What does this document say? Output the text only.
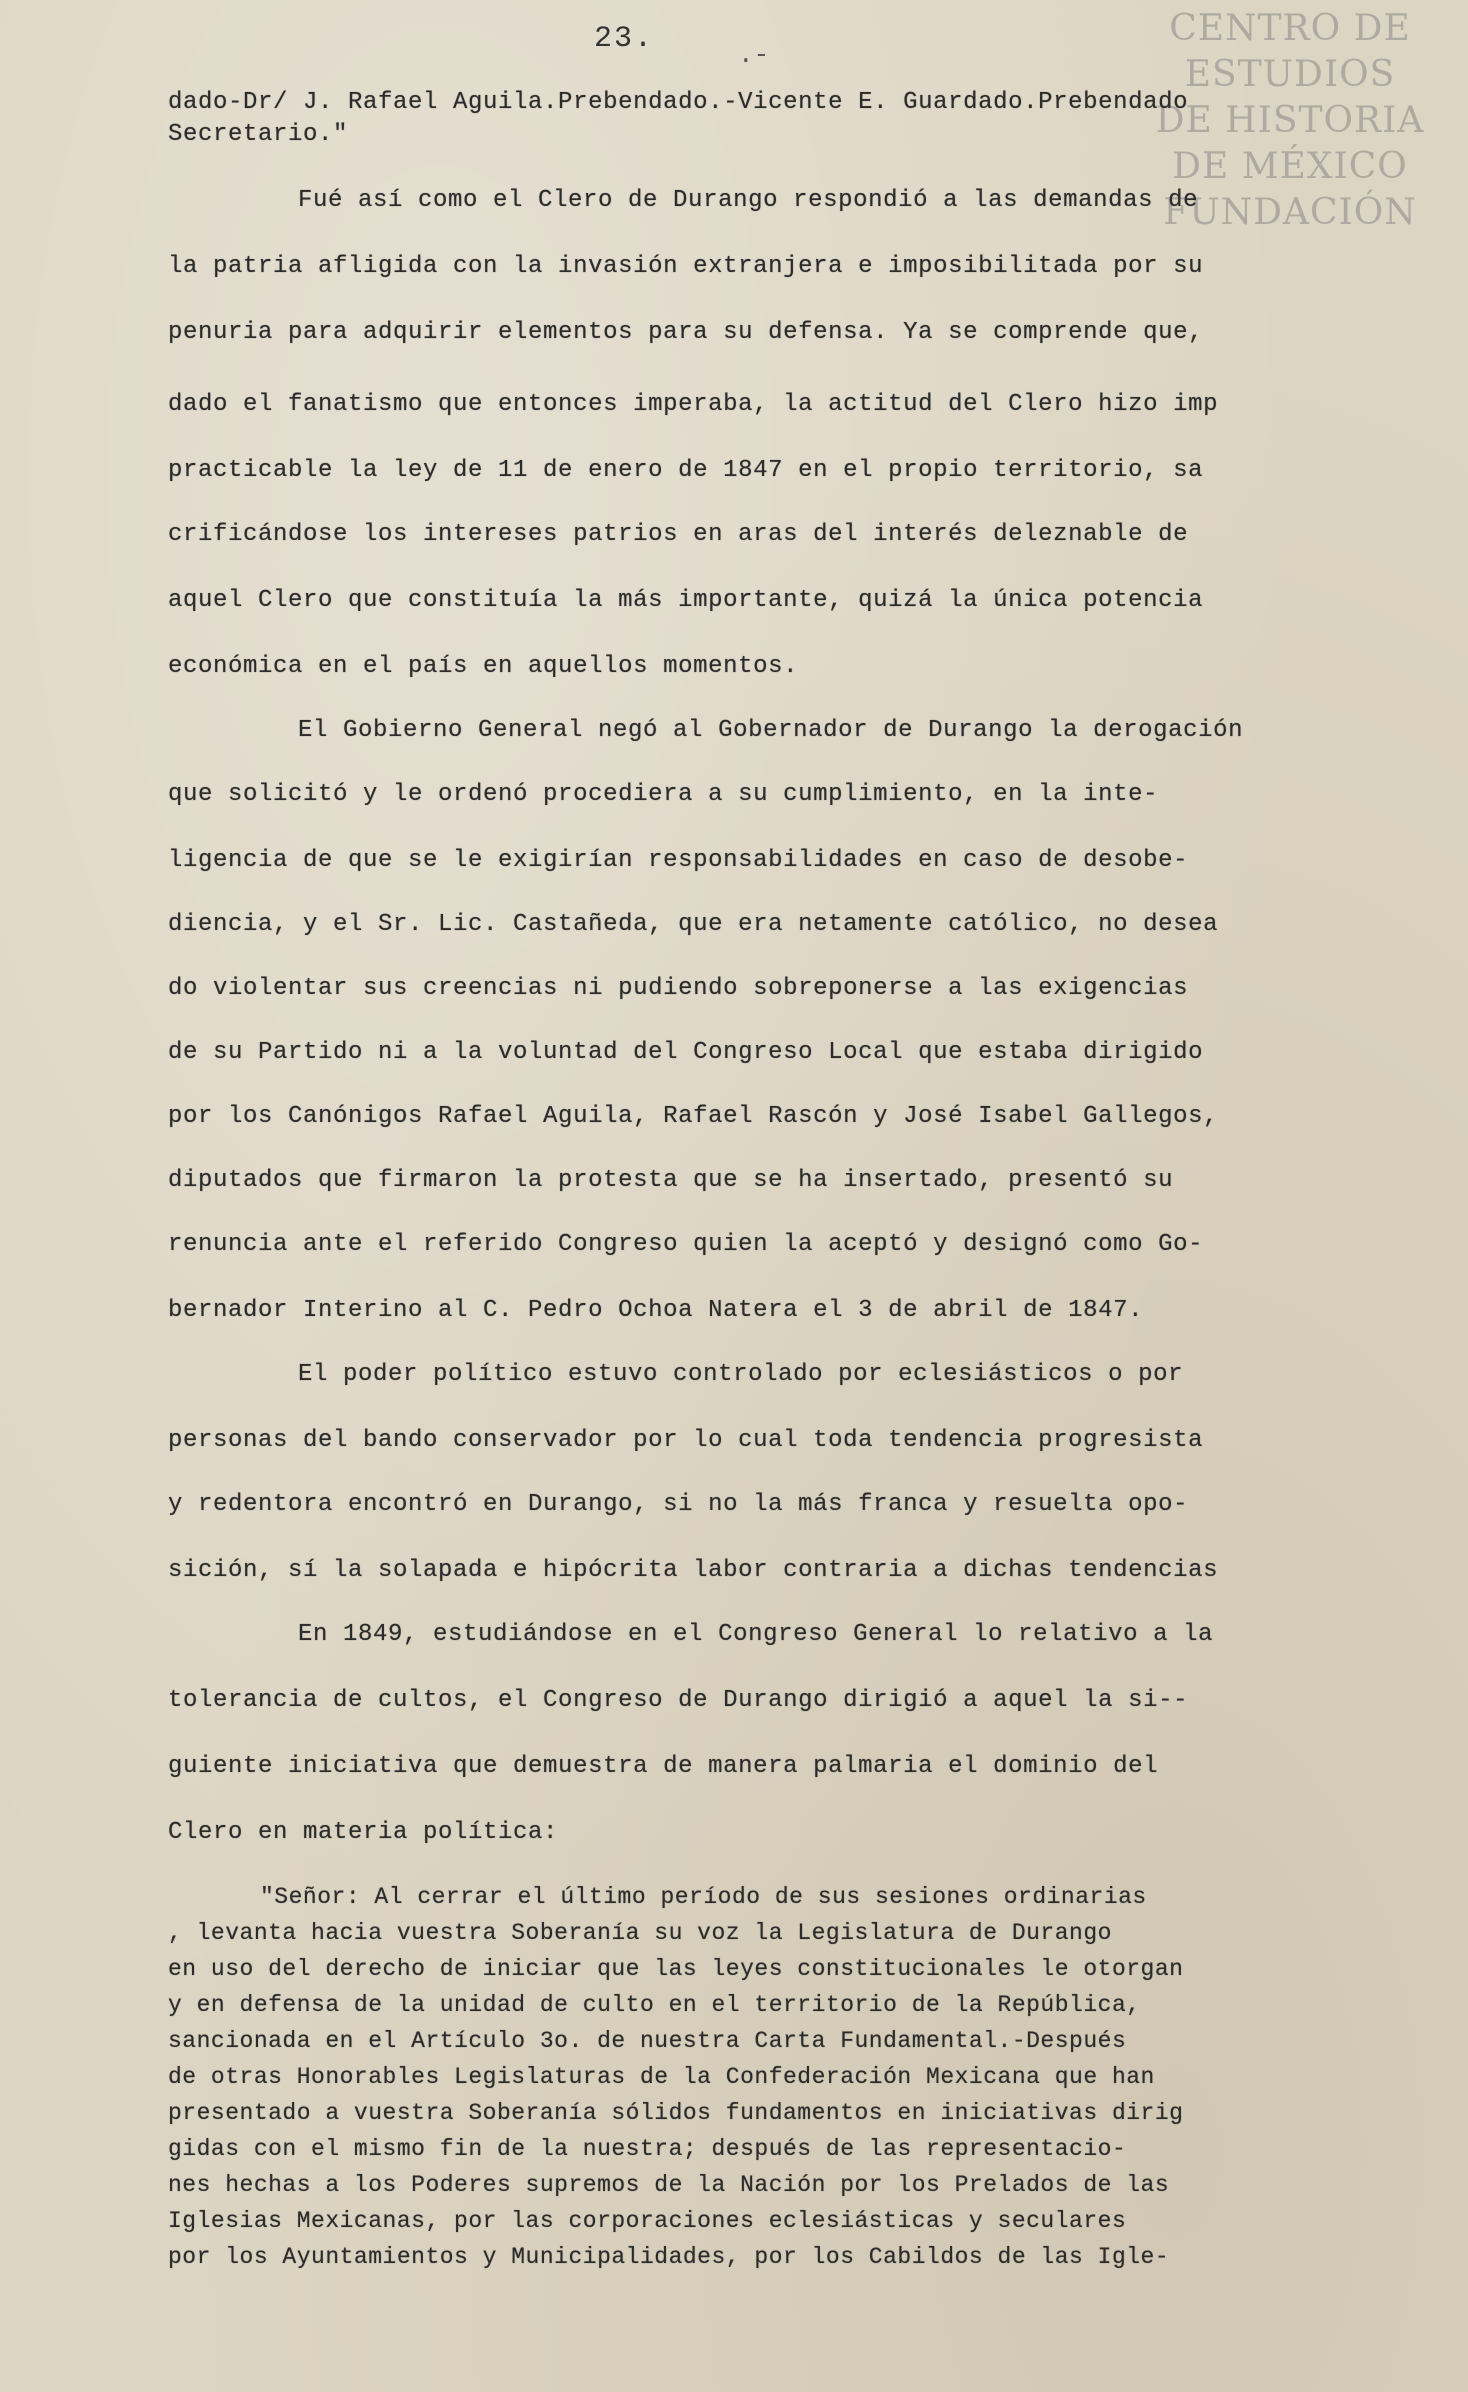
23.	.-
CENTRO DE
ESTUDIOS
DE HISTORIA
DE MÉXICO
FUNDACIÓN
dado-Dr/ J. Rafael Aguila.Prebendado.-Vicente E. Guardado.Prebendado
Secretario."
Fué así como el Clero de Durango respondió a las demandas de
la patria afligida con la invasión extranjera e imposibilitada por su
penuria para adquirir elementos para su defensa. Ya se comprende que,
dado el fanatismo que entonces imperaba, la actitud del Clero hizo imp
practicable la ley de 11 de enero de 1847 en el propio territorio, sa
crificándose los intereses patrios en aras del interés deleznable de
aquel Clero que constituía la más importante, quizá la única potencia
económica en el país en aquellos momentos.
El Gobierno General negó al Gobernador de Durango la derogación
que solicitó y le ordenó procediera a su cumplimiento, en la inte-
ligencia de que se le exigirían responsabilidades en caso de desobe-
diencia, y el Sr. Lic. Castañeda, que era netamente católico, no desea
do violentar sus creencias ni pudiendo sobreponerse a las exigencias
de su Partido ni a la voluntad del Congreso Local que estaba dirigido
por los Canónigos Rafael Aguila, Rafael Rascón y José Isabel Gallegos,
diputados que firmaron la protesta que se ha insertado, presentó su
renuncia ante el referido Congreso quien la aceptó y designó como Go-
bernador Interino al C. Pedro Ochoa Natera el 3 de abril de 1847.
El poder político estuvo controlado por eclesiásticos o por
personas del bando conservador por lo cual toda tendencia progresista
y redentora encontró en Durango, si no la más franca y resuelta opo-
sición, sí la solapada e hipócrita labor contraria a dichas tendencias
En 1849, estudiándose en el Congreso General lo relativo a la
tolerancia de cultos, el Congreso de Durango dirigió a aquel la si--
guiente iniciativa que demuestra de manera palmaria el dominio del
Clero en materia política:
"Señor: Al cerrar el último período de sus sesiones ordinarias
, levanta hacia vuestra Soberanía su voz la Legislatura de Durango
en uso del derecho de iniciar que las leyes constitucionales le otorgan
y en defensa de la unidad de culto en el territorio de la República,
sancionada en el Artículo 3o. de nuestra Carta Fundamental.-Después
de otras Honorables Legislaturas de la Confederación Mexicana que han
presentado a vuestra Soberanía sólidos fundamentos en iniciativas dirig
gidas con el mismo fin de la nuestra; después de las representacio-
nes hechas a los Poderes supremos de la Nación por los Prelados de las
Iglesias Mexicanas, por las corporaciones eclesiásticas y seculares
por los Ayuntamientos y Municipalidades, por los Cabildos de las Igle-
